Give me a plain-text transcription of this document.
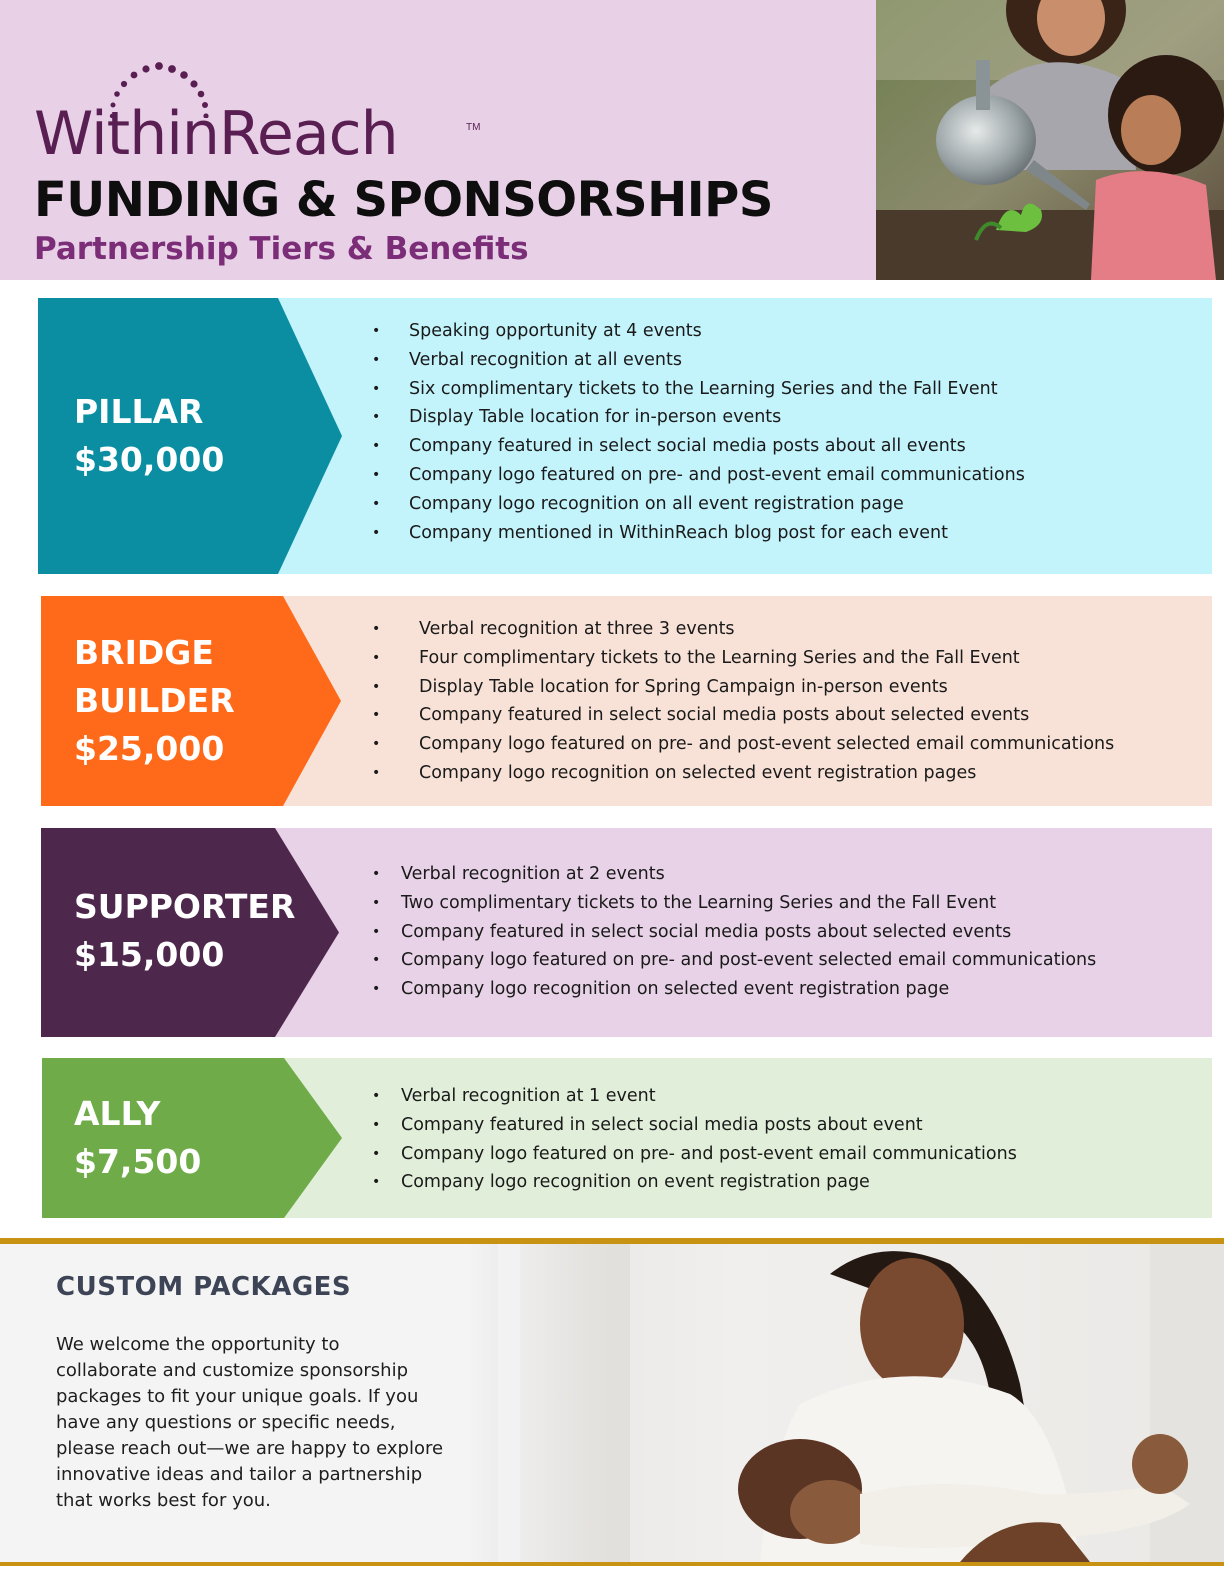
WithinReach	TM
FUNDING & SPONSORSHIPS
Partnership Tiers & Benefits
PILLAR
$30,000
• Speaking opportunity at 4 events
• Verbal recognition at all events
• Six complimentary tickets to the Learning Series and the Fall Event
• Display Table location for in-person events
• Company featured in select social media posts about all events
• Company logo featured on pre- and post-event email communications
• Company logo recognition on all event registration page
• Company mentioned in WithinReach blog post for each event
BRIDGE
BUILDER
$25,000
• Verbal recognition at three 3 events
• Four complimentary tickets to the Learning Series and the Fall Event
• Display Table location for Spring Campaign in-person events
• Company featured in select social media posts about selected events
• Company logo featured on pre- and post-event selected email communications
• Company logo recognition on selected event registration pages
SUPPORTER
$15,000
• Verbal recognition at 2 events
• Two complimentary tickets to the Learning Series and the Fall Event
• Company featured in select social media posts about selected events
• Company logo featured on pre- and post-event selected email communications
• Company logo recognition on selected event registration page
ALLY
$7,500
• Verbal recognition at 1 event
• Company featured in select social media posts about event
• Company logo featured on pre- and post-event email communications
• Company logo recognition on event registration page
CUSTOM PACKAGES
We welcome the opportunity to collaborate and customize sponsorship packages to fit your unique goals. If you have any questions or specific needs, please reach out—we are happy to explore innovative ideas and tailor a partnership that works best for you.
